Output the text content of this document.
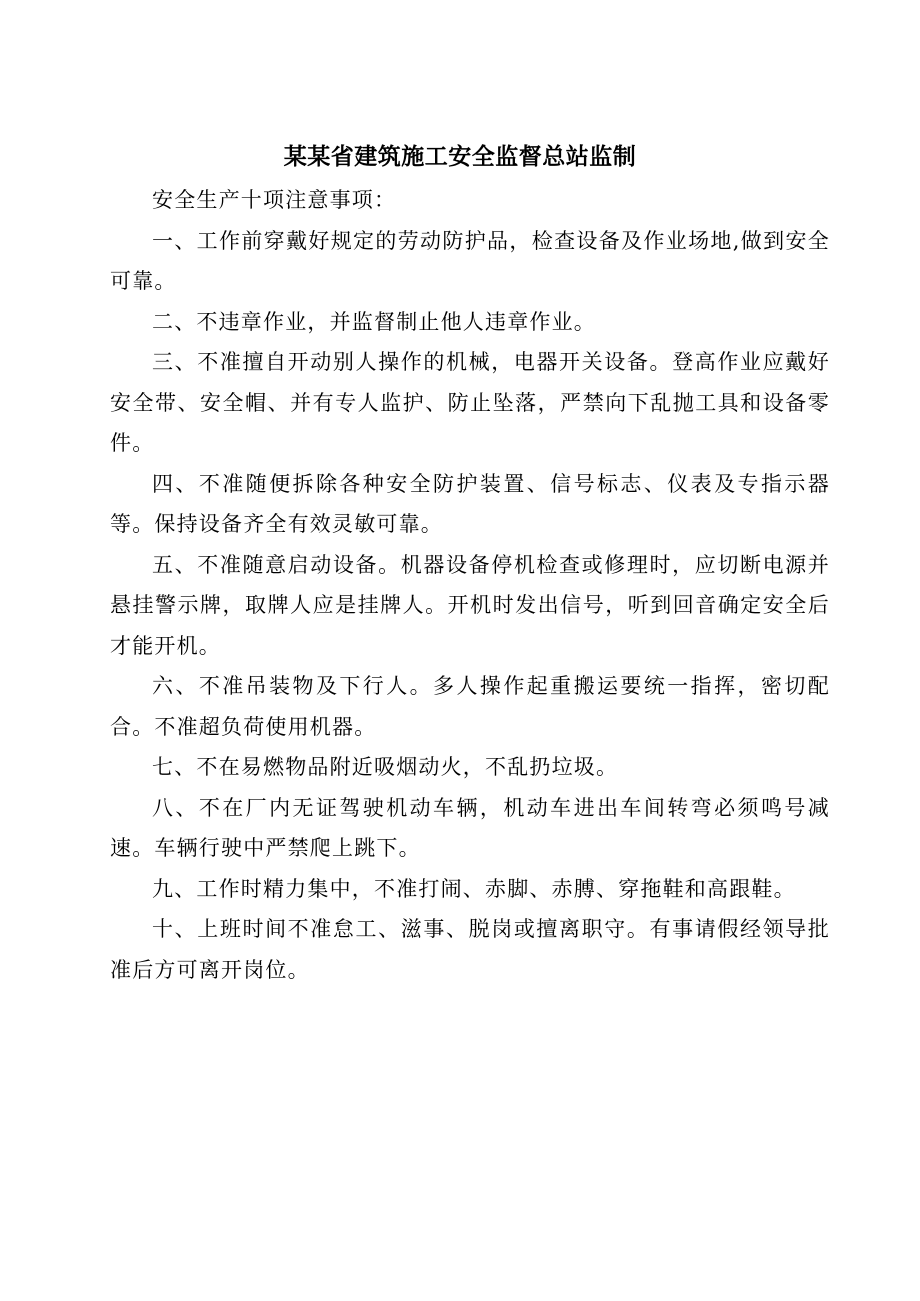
某某省建筑施工安全监督总站监制

安全生产十项注意事项：

一、工作前穿戴好规定的劳动防护品，检查设备及作业场地,做到安全可靠。

二、不违章作业，并监督制止他人违章作业。

三、不准擅自开动别人操作的机械，电器开关设备。登高作业应戴好安全带、安全帽、并有专人监护、防止坠落，严禁向下乱抛工具和设备零件。

四、不准随便拆除各种安全防护装置、信号标志、仪表及专指示器等。保持设备齐全有效灵敏可靠。

五、不准随意启动设备。机器设备停机检查或修理时，应切断电源并悬挂警示牌，取牌人应是挂牌人。开机时发出信号，听到回音确定安全后才能开机。

六、不准吊装物及下行人。多人操作起重搬运要统一指挥，密切配合。不准超负荷使用机器。

七、不在易燃物品附近吸烟动火，不乱扔垃圾。

八、不在厂内无证驾驶机动车辆，机动车进出车间转弯必须鸣号减速。车辆行驶中严禁爬上跳下。

九、工作时精力集中，不准打闹、赤脚、赤膊、穿拖鞋和高跟鞋。

十、上班时间不准怠工、滋事、脱岗或擅离职守。有事请假经领导批准后方可离开岗位。
